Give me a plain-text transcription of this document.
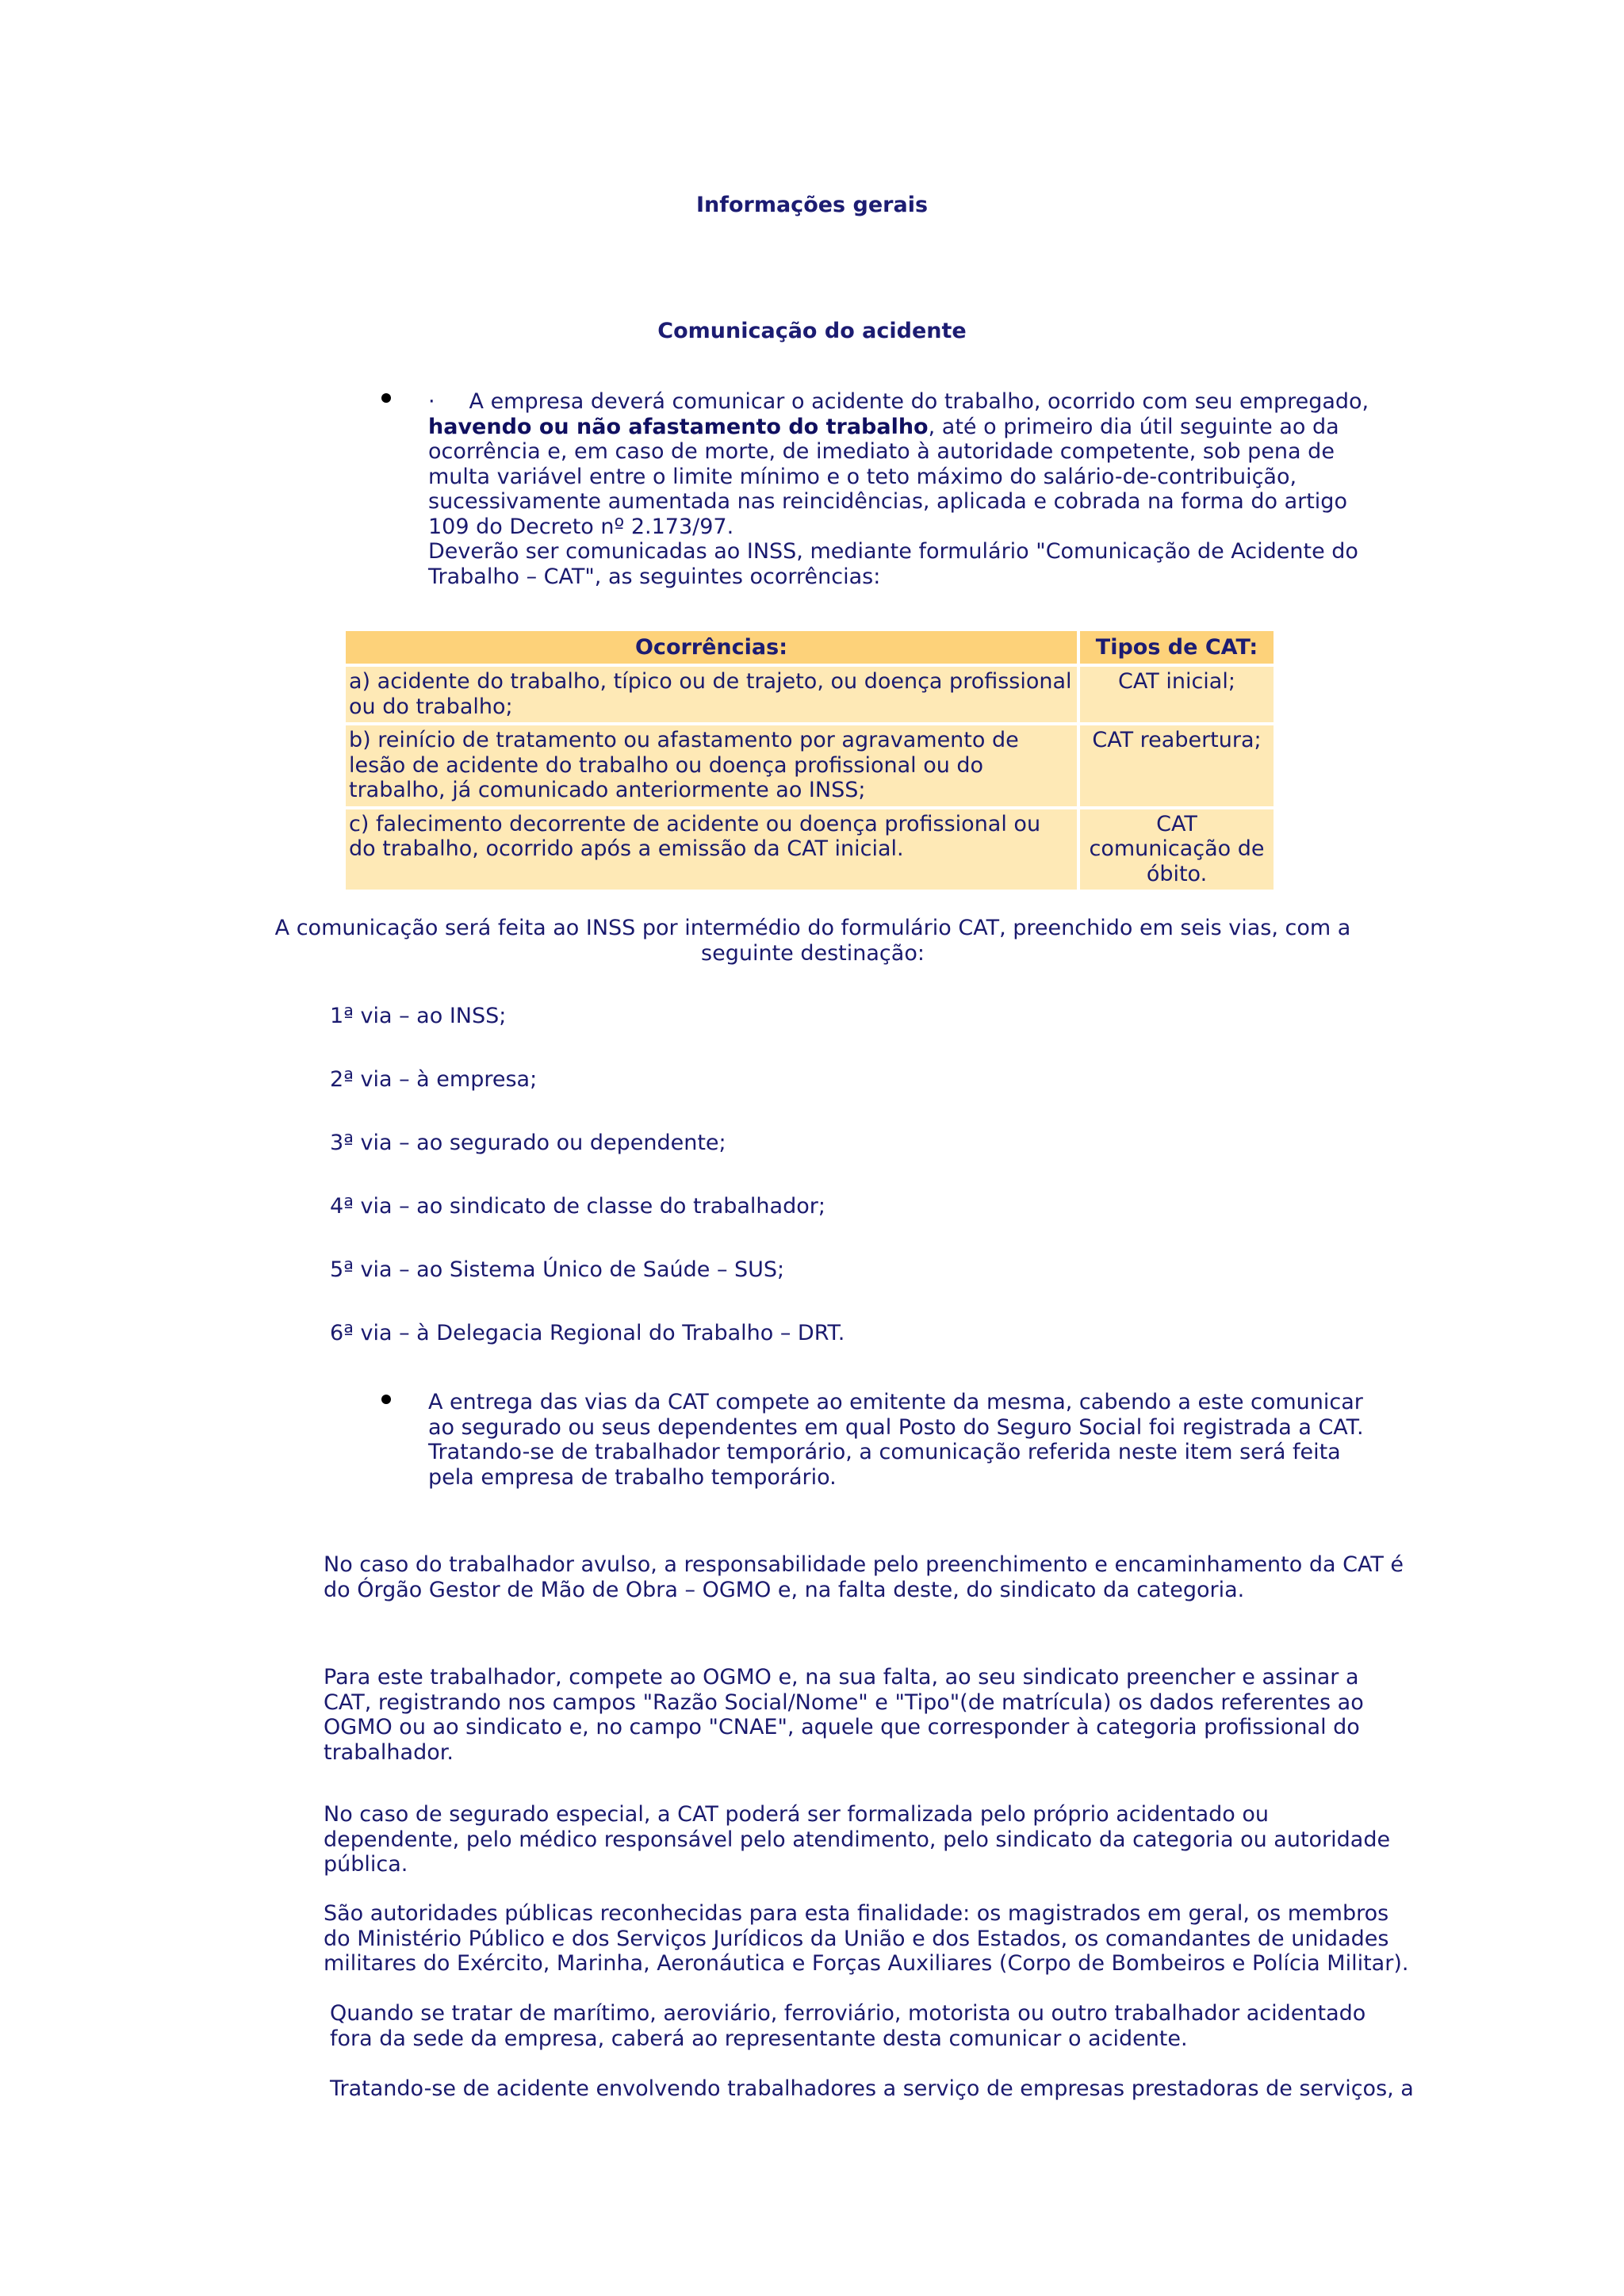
Informações gerais
Comunicação do acidente
· A empresa deverá comunicar o acidente do trabalho, ocorrido com seu empregado, havendo ou não afastamento do trabalho, até o primeiro dia útil seguinte ao da ocorrência e, em caso de morte, de imediato à autoridade competente, sob pena de multa variável entre o limite mínimo e o teto máximo do salário-de-contribuição, sucessivamente aumentada nas reincidências, aplicada e cobrada na forma do artigo 109 do Decreto nº 2.173/97.
Deverão ser comunicadas ao INSS, mediante formulário "Comunicação de Acidente do Trabalho – CAT", as seguintes ocorrências:
Ocorrências:	Tipos de CAT:
a) acidente do trabalho, típico ou de trajeto, ou doença profissional ou do trabalho;	CAT inicial;
b) reinício de tratamento ou afastamento por agravamento de lesão de acidente do trabalho ou doença profissional ou do trabalho, já comunicado anteriormente ao INSS;	CAT reabertura;
c) falecimento decorrente de acidente ou doença profissional ou do trabalho, ocorrido após a emissão da CAT inicial.	CAT comunicação de óbito.
A comunicação será feita ao INSS por intermédio do formulário CAT, preenchido em seis vias, com a seguinte destinação:
1ª via – ao INSS;
2ª via – à empresa;
3ª via – ao segurado ou dependente;
4ª via – ao sindicato de classe do trabalhador;
5ª via – ao Sistema Único de Saúde – SUS;
6ª via – à Delegacia Regional do Trabalho – DRT.
A entrega das vias da CAT compete ao emitente da mesma, cabendo a este comunicar ao segurado ou seus dependentes em qual Posto do Seguro Social foi registrada a CAT. Tratando-se de trabalhador temporário, a comunicação referida neste item será feita pela empresa de trabalho temporário.
No caso do trabalhador avulso, a responsabilidade pelo preenchimento e encaminhamento da CAT é do Órgão Gestor de Mão de Obra – OGMO e, na falta deste, do sindicato da categoria.
Para este trabalhador, compete ao OGMO e, na sua falta, ao seu sindicato preencher e assinar a CAT, registrando nos campos "Razão Social/Nome" e "Tipo"(de matrícula) os dados referentes ao OGMO ou ao sindicato e, no campo "CNAE", aquele que corresponder à categoria profissional do trabalhador.
No caso de segurado especial, a CAT poderá ser formalizada pelo próprio acidentado ou dependente, pelo médico responsável pelo atendimento, pelo sindicato da categoria ou autoridade pública.
São autoridades públicas reconhecidas para esta finalidade: os magistrados em geral, os membros do Ministério Público e dos Serviços Jurídicos da União e dos Estados, os comandantes de unidades militares do Exército, Marinha, Aeronáutica e Forças Auxiliares (Corpo de Bombeiros e Polícia Militar).
Quando se tratar de marítimo, aeroviário, ferroviário, motorista ou outro trabalhador acidentado fora da sede da empresa, caberá ao representante desta comunicar o acidente.
Tratando-se de acidente envolvendo trabalhadores a serviço de empresas prestadoras de serviços, a
